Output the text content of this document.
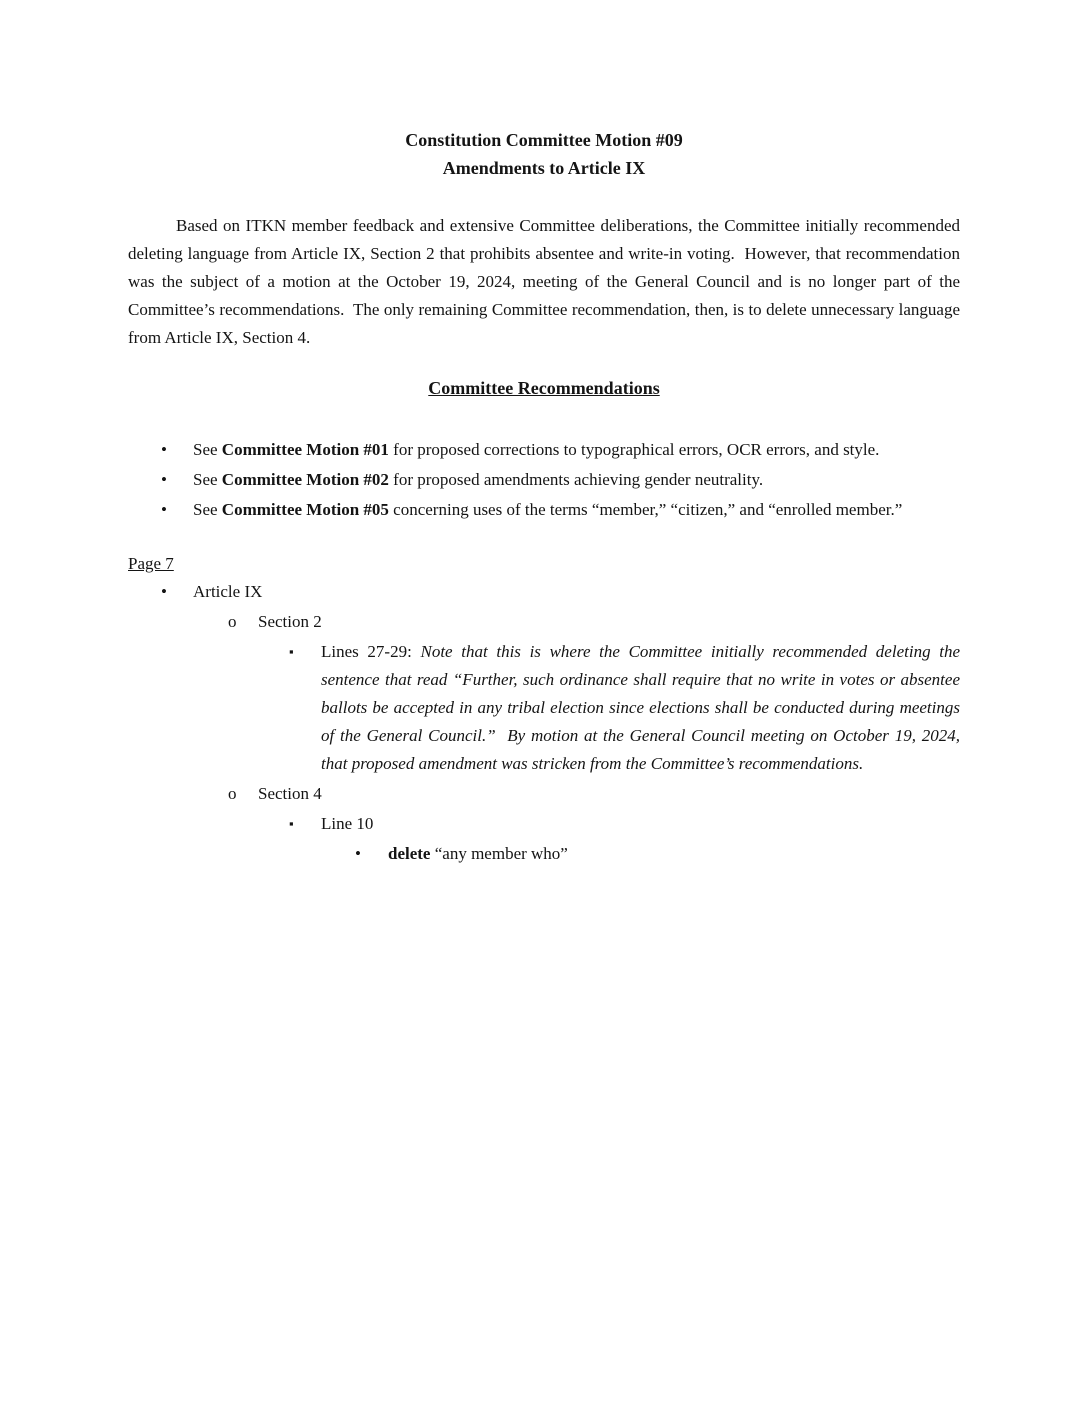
Constitution Committee Motion #09
Amendments to Article IX

Based on ITKN member feedback and extensive Committee deliberations, the Committee initially recommended deleting language from Article IX, Section 2 that prohibits absentee and write-in voting.  However, that recommendation was the subject of a motion at the October 19, 2024, meeting of the General Council and is no longer part of the Committee’s recommendations.  The only remaining Committee recommendation, then, is to delete unnecessary language from Article IX, Section 4.

Committee Recommendations
• See Committee Motion #01 for proposed corrections to typographical errors, OCR errors, and style.
• See Committee Motion #02 for proposed amendments achieving gender neutrality.
• See Committee Motion #05 concerning uses of the terms “member,” “citizen,” and “enrolled member.”
Page 7
• Article IX
o Section 2
▪ Lines 27-29: Note that this is where the Committee initially recommended deleting the sentence that read “Further, such ordinance shall require that no write in votes or absentee ballots be accepted in any tribal election since elections shall be conducted during meetings of the General Council.”  By motion at the General Council meeting on October 19, 2024, that proposed amendment was stricken from the Committee’s recommendations.
o Section 4
▪ Line 10
• delete “any member who”
